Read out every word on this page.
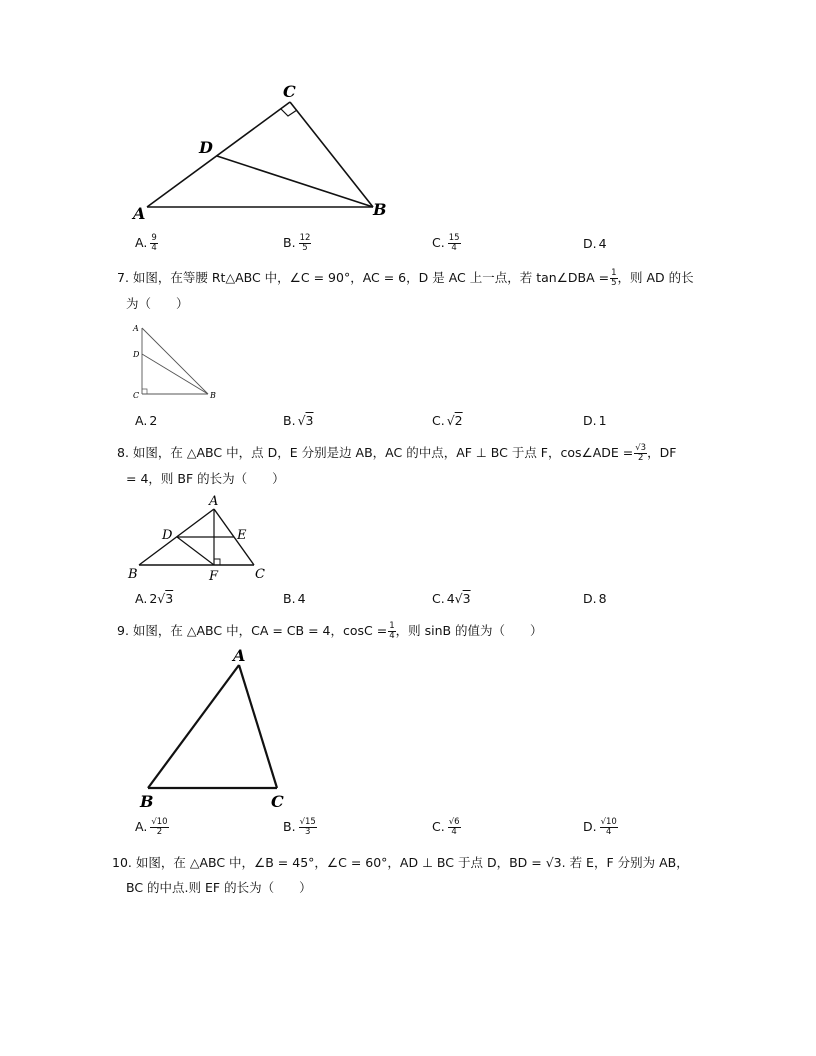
C
D
A	B
A. $\frac{9}{4}$	B. $\frac{12}{5}$	C. $\frac{15}{4}$	D. 4
7. 如图，在等腰 Rt△ABC 中，∠C = 90°，AC = 6，D 是 AC 上一点，若 tan∠DBA = $\frac{1}{5}$ ，则 AD 的长
为（　　）
A
D
C	B
A. 2	B. √3	C. √2	D. 1
8. 如图，在 △ABC 中，点 D，E 分别是边 AB，AC 的中点，AF ⊥ BC 于点 F，cos∠ADE = $\frac{√3}{2}$ ，DF
= 4，则 BF 的长为（　　）
A
D	E
B	F	C
A. 2√3	B. 4	C. 4√3	D. 8
9. 如图，在 △ABC 中，CA = CB = 4，$\cos C = \frac{1}{4}$ ，则 sinB 的值为（　　）
A
B	C
A. $\frac{√10}{2}$	B. $\frac{√15}{3}$	C. $\frac{√6}{4}$	D. $\frac{√10}{4}$
10. 如图，在 △ABC 中，∠B = 45°，∠C = 60°，AD ⊥ BC 于点 D，BD = √3. 若 E，F 分别为 AB，
BC 的中点.则 EF 的长为（　　）
